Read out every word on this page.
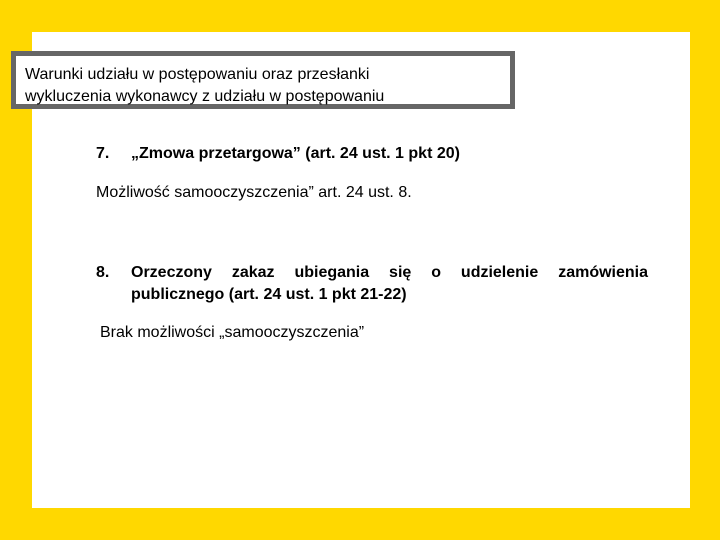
Warunki udziału w postępowaniu oraz przesłanki
wykluczenia wykonawcy z udziału w postępowaniu
7. „Zmowa przetargowa” (art. 24 ust. 1 pkt 20)
Możliwość samooczyszczenia” art. 24 ust. 8.
8. Orzeczony zakaz ubiegania się o udzielenie zamówienia publicznego (art. 24 ust. 1 pkt 21-22)
Brak możliwości „samooczyszczenia”
